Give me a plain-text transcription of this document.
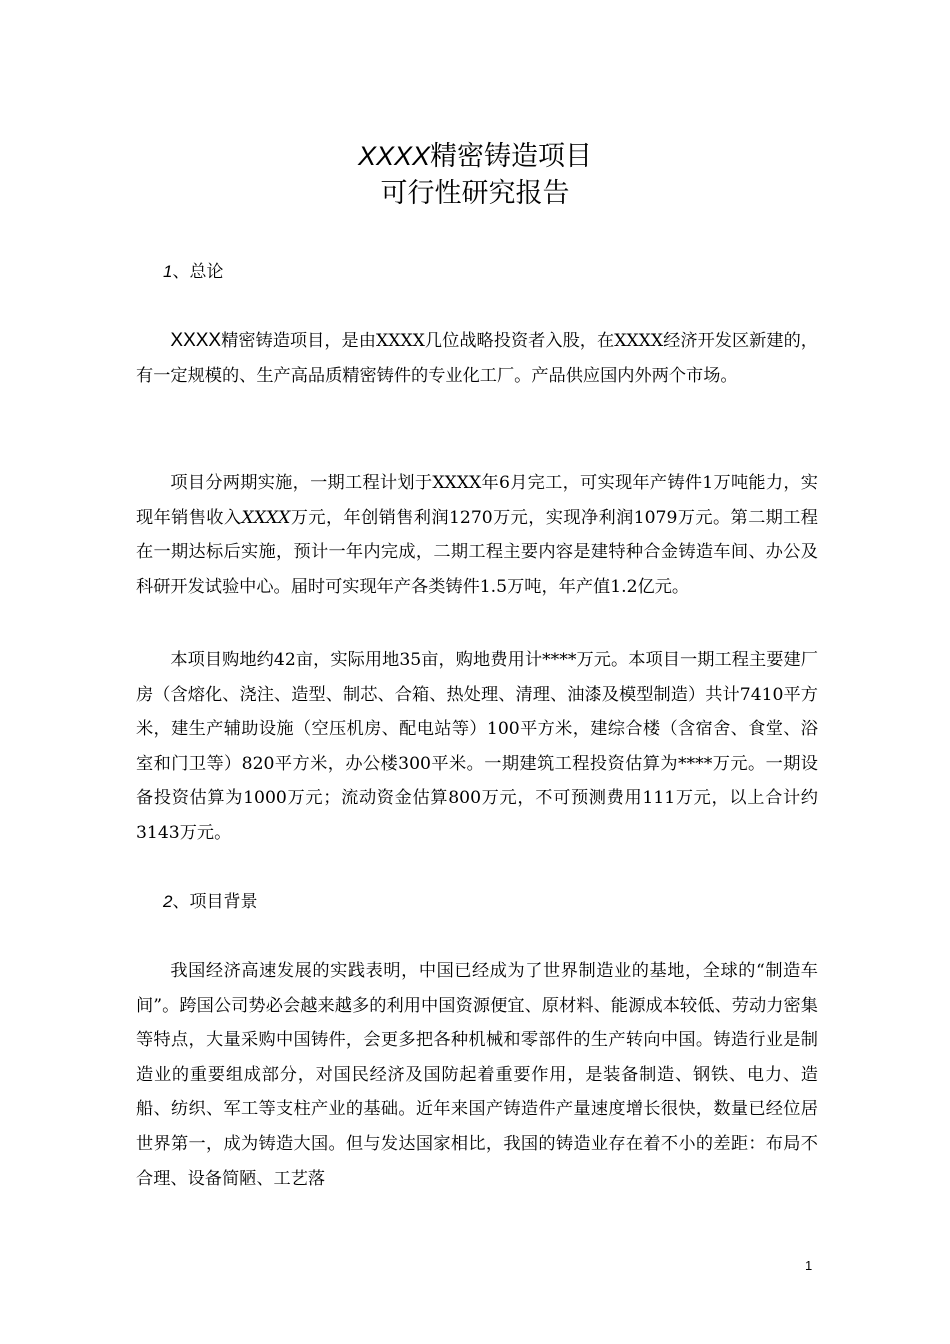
XXXX精密铸造项目
可行性研究报告
1、总论
XXXX精密铸造项目，是由XXXX几位战略投资者入股，在XXXX经济开发区新建的，有一定规模的、生产高品质精密铸件的专业化工厂。产品供应国内外两个市场。
项目分两期实施，一期工程计划于XXXX年6月完工，可实现年产铸件1万吨能力，实现年销售收入XXXX万元，年创销售利润1270万元，实现净利润1079万元。第二期工程在一期达标后实施，预计一年内完成，二期工程主要内容是建特种合金铸造车间、办公及科研开发试验中心。届时可实现年产各类铸件1.5万吨，年产值1.2亿元。
本项目购地约42亩，实际用地35亩，购地费用计****万元。本项目一期工程主要建厂房（含熔化、浇注、造型、制芯、合箱、热处理、清理、油漆及模型制造）共计7410平方米，建生产辅助设施（空压机房、配电站等）100平方米，建综合楼（含宿舍、食堂、浴室和门卫等）820平方米，办公楼300平米。一期建筑工程投资估算为****万元。一期设备投资估算为1000万元；流动资金估算800万元，不可预测费用111万元，以上合计约3143万元。
2、项目背景
我国经济高速发展的实践表明，中国已经成为了世界制造业的基地，全球的“制造车间”。跨国公司势必会越来越多的利用中国资源便宜、原材料、能源成本较低、劳动力密集等特点，大量采购中国铸件，会更多把各种机械和零部件的生产转向中国。铸造行业是制造业的重要组成部分，对国民经济及国防起着重要作用，是装备制造、钢铁、电力、造船、纺织、军工等支柱产业的基础。近年来国产铸造件产量速度增长很快，数量已经位居世界第一，成为铸造大国。但与发达国家相比，我国的铸造业存在着不小的差距：布局不合理、设备简陋、工艺落
1
